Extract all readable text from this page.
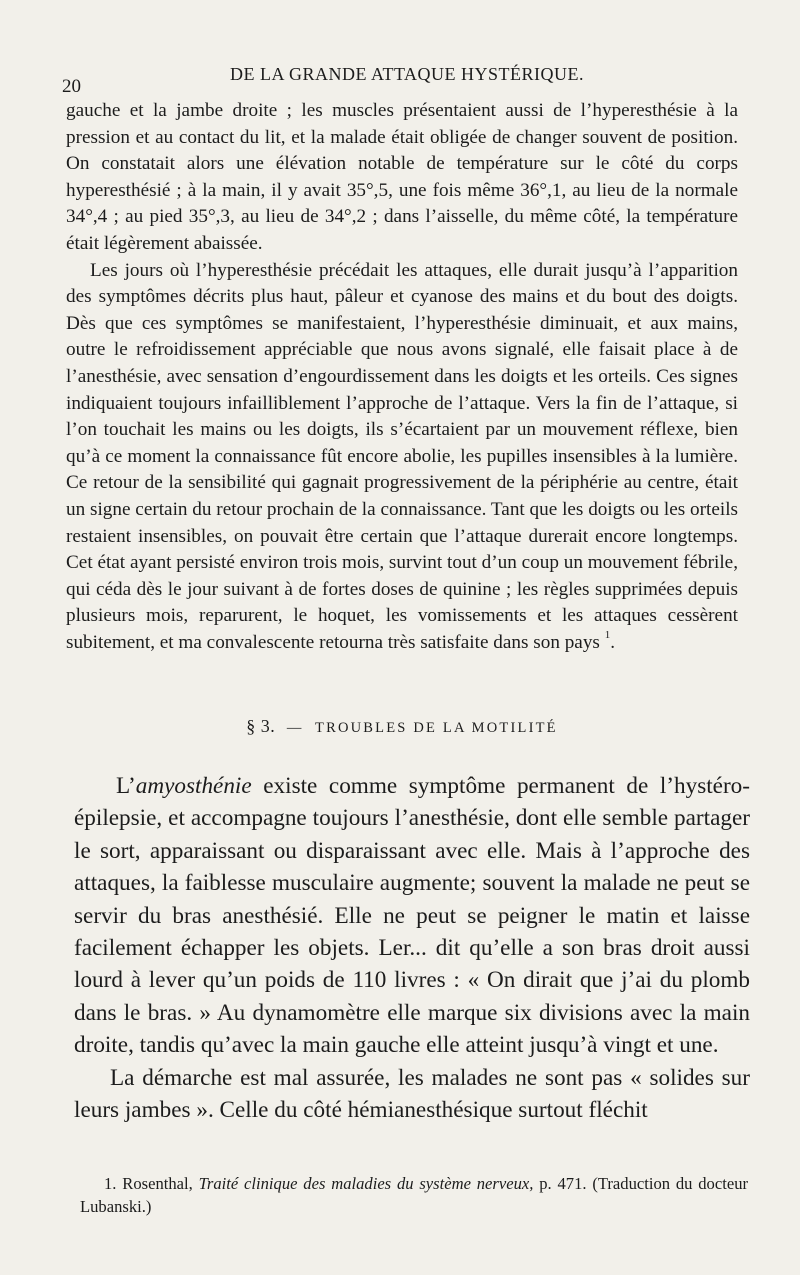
20
DE LA GRANDE ATTAQUE HYSTÉRIQUE.

gauche et la jambe droite ; les muscles présentaient aussi de l’hyperesthésie à la pression et au contact du lit, et la malade était obligée de changer souvent de position. On constatait alors une élévation notable de température sur le côté du corps hyperesthésié ; à la main, il y avait 35°,5, une fois même 36°,1, au lieu de la normale 34°,4 ; au pied 35°,3, au lieu de 34°,2 ; dans l’aisselle, du même côté, la température était légèrement abaissée.

Les jours où l’hyperesthésie précédait les attaques, elle durait jusqu’à l’apparition des symptômes décrits plus haut, pâleur et cyanose des mains et du bout des doigts. Dès que ces symptômes se manifestaient, l’hyperesthésie diminuait, et aux mains, outre le refroidissement appréciable que nous avons signalé, elle faisait place à de l’anesthésie, avec sensation d’engourdissement dans les doigts et les orteils. Ces signes indiquaient toujours infailliblement l’approche de l’attaque. Vers la fin de l’attaque, si l’on touchait les mains ou les doigts, ils s’écartaient par un mouvement réflexe, bien qu’à ce moment la connaissance fût encore abolie, les pupilles insensibles à la lumière. Ce retour de la sensibilité qui gagnait progressivement de la périphérie au centre, était un signe certain du retour prochain de la connaissance. Tant que les doigts ou les orteils restaient insensibles, on pouvait être certain que l’attaque durerait encore longtemps. Cet état ayant persisté environ trois mois, survint tout d’un coup un mouvement fébrile, qui céda dès le jour suivant à de fortes doses de quinine ; les règles supprimées depuis plusieurs mois, reparurent, le hoquet, les vomissements et les attaques cessèrent subitement, et ma convalescente retourna très satisfaite dans son pays $^1$.

§ 3. — TROUBLES DE LA MOTILITÉ

L’amyosthénie existe comme symptôme permanent de l’hystéro-épilepsie, et accompagne toujours l’anesthésie, dont elle semble partager le sort, apparaissant ou disparaissant avec elle. Mais à l’approche des attaques, la faiblesse musculaire augmente; souvent la malade ne peut se servir du bras anesthésié. Elle ne peut se peigner le matin et laisse facilement échapper les objets. Ler... dit qu’elle a son bras droit aussi lourd à lever qu’un poids de 110 livres : « On dirait que j’ai du plomb dans le bras. » Au dynamomètre elle marque six divisions avec la main droite, tandis qu’avec la main gauche elle atteint jusqu’à vingt et une.

La démarche est mal assurée, les malades ne sont pas « solides sur leurs jambes ». Celle du côté hémianesthésique surtout fléchit

1. Rosenthal, Traité clinique des maladies du système nerveux, p. 471. (Traduction du docteur Lubanski.)
